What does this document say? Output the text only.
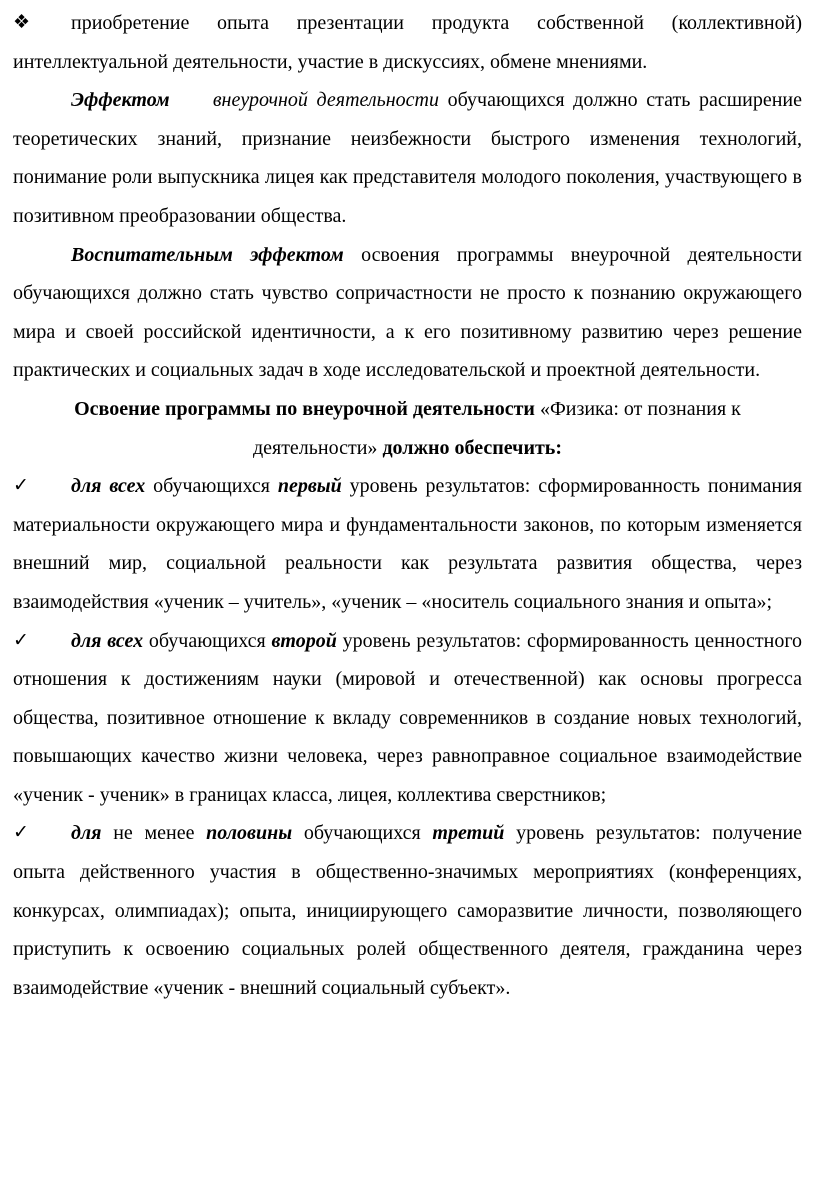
❖ приобретение опыта презентации продукта собственной (коллективной) интеллектуальной деятельности, участие в дискуссиях, обмене мнениями.

Эффектом внеурочной деятельности обучающихся должно стать расширение теоретических знаний, признание неизбежности быстрого изменения технологий, понимание роли выпускника лицея как представителя молодого поколения, участвующего в позитивном преобразовании общества.

Воспитательным эффектом освоения программы внеурочной деятельности обучающихся должно стать чувство сопричастности не просто к познанию окружающего мира и своей российской идентичности, а к его позитивному развитию через решение практических и социальных задач в ходе исследовательской и проектной деятельности.

Освоение программы по внеурочной деятельности «Физика: от познания к деятельности» должно обеспечить:

✓ для всех обучающихся первый уровень результатов: сформированность понимания материальности окружающего мира и фундаментальности законов, по которым изменяется внешний мир, социальной реальности как результата развития общества, через взаимодействия «ученик – учитель», «ученик – «носитель социального знания и опыта»;

✓ для всех обучающихся второй уровень результатов: сформированность ценностного отношения к достижениям науки (мировой и отечественной) как основы прогресса общества, позитивное отношение к вкладу современников в создание новых технологий, повышающих качество жизни человека, через равноправное социальное взаимодействие «ученик - ученик» в границах класса, лицея, коллектива сверстников;

✓ для не менее половины обучающихся третий уровень результатов: получение опыта действенного участия в общественно-значимых мероприятиях (конференциях, конкурсах, олимпиадах); опыта, инициирующего саморазвитие личности, позволяющего приступить к освоению социальных ролей общественного деятеля, гражданина через взаимодействие «ученик - внешний социальный субъект».
